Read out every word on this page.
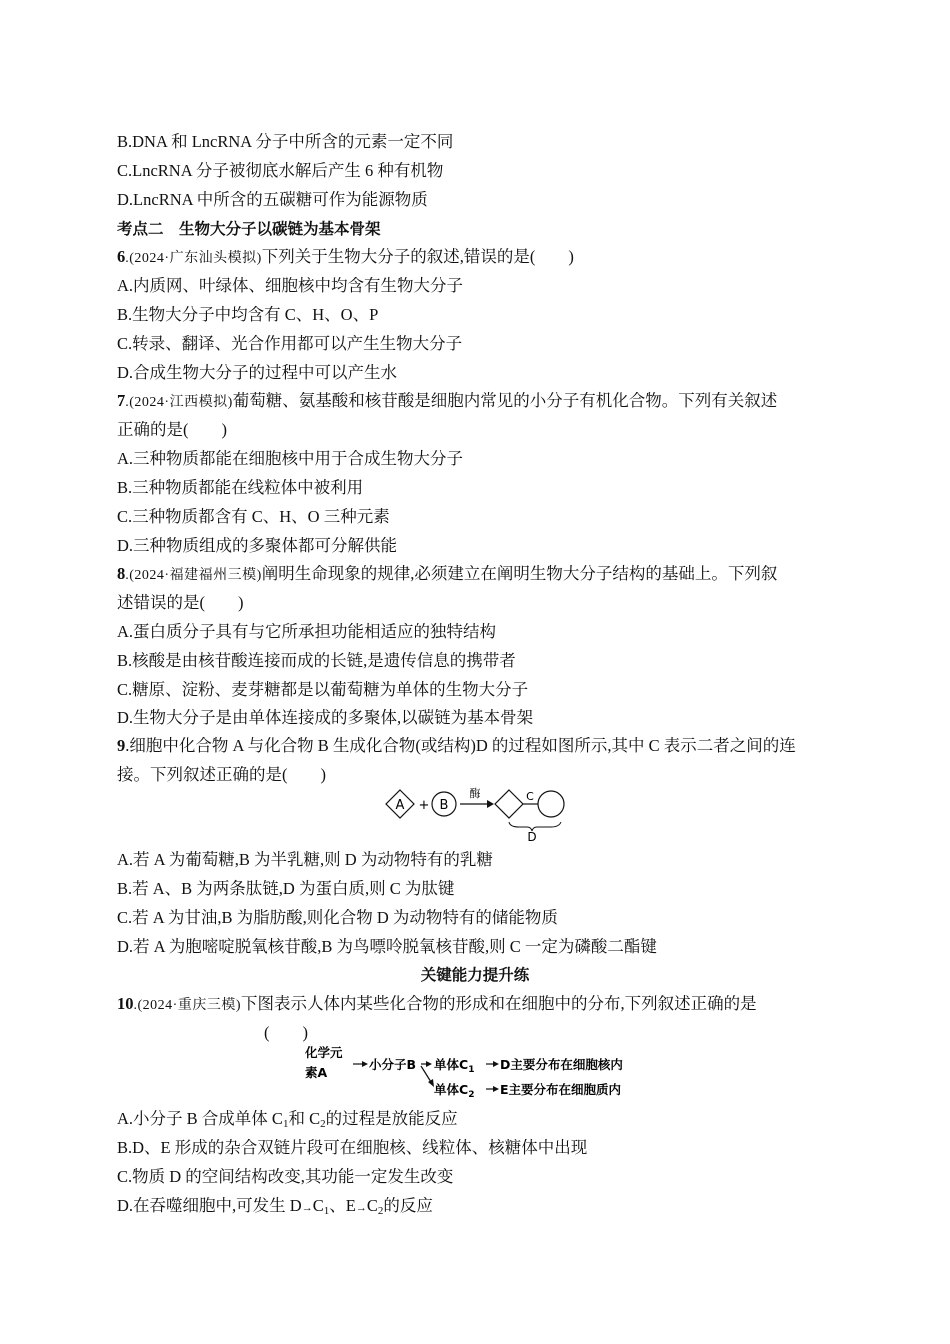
B.DNA 和 LncRNA 分子中所含的元素一定不同
C.LncRNA 分子被彻底水解后产生 6 种有机物
D.LncRNA 中所含的五碳糖可作为能源物质
考点二　生物大分子以碳链为基本骨架
6.(2024·广东汕头模拟)下列关于生物大分子的叙述,错误的是(　　)
A.内质网、叶绿体、细胞核中均含有生物大分子
B.生物大分子中均含有 C、H、O、P
C.转录、翻译、光合作用都可以产生生物大分子
D.合成生物大分子的过程中可以产生水
7.(2024·江西模拟)葡萄糖、氨基酸和核苷酸是细胞内常见的小分子有机化合物。下列有关叙述
正确的是(　　)
A.三种物质都能在细胞核中用于合成生物大分子
B.三种物质都能在线粒体中被利用
C.三种物质都含有 C、H、O 三种元素
D.三种物质组成的多聚体都可分解供能
8.(2024·福建福州三模)阐明生命现象的规律,必须建立在阐明生物大分子结构的基础上。下列叙
述错误的是(　　)
A.蛋白质分子具有与它所承担功能相适应的独特结构
B.核酸是由核苷酸连接而成的长链,是遗传信息的携带者
C.糖原、淀粉、麦芽糖都是以葡萄糖为单体的生物大分子
D.生物大分子是由单体连接成的多聚体,以碳链为基本骨架
9.细胞中化合物 A 与化合物 B 生成化合物(或结构)D 的过程如图所示,其中 C 表示二者之间的连
接。下列叙述正确的是(　　)
A + B
酶	C
D
A.若 A 为葡萄糖,B 为半乳糖,则 D 为动物特有的乳糖
B.若 A、B 为两条肽链,D 为蛋白质,则 C 为肽键
C.若 A 为甘油,B 为脂肪酸,则化合物 D 为动物特有的储能物质
D.若 A 为胞嘧啶脱氧核苷酸,B 为鸟嘌呤脱氧核苷酸,则 C 一定为磷酸二酯键
关键能力提升练
10.(2024·重庆三模)下图表示人体内某些化合物的形成和在细胞中的分布,下列叙述正确的是
(　　)
化学元
素A
小分子B 单体$C_1$ D主要分布在细胞核内
单体$C_2$ E主要分布在细胞质内
A.小分子 B 合成单体 $C_1$和 $C_2$的过程是放能反应
B.D、E 形成的杂合双链片段可在细胞核、线粒体、核糖体中出现
C.物质 D 的空间结构改变,其功能一定发生改变
D.在吞噬细胞中,可发生 $D\to C_1$、$E\to C_2$的反应
